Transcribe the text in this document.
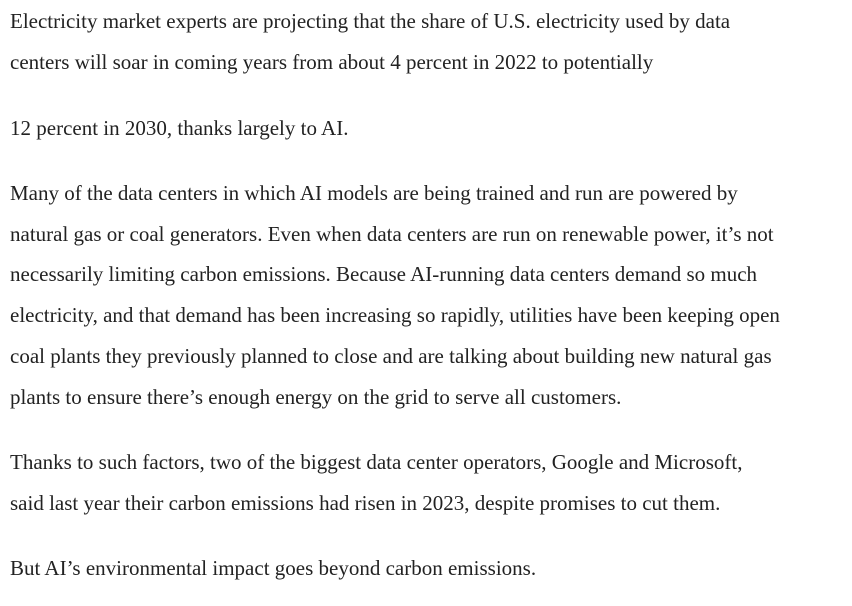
Electricity market experts are projecting that the share of U.S. electricity used by data
centers will soar in coming years from about 4 percent in 2022 to potentially

12 percent in 2030, thanks largely to AI.

Many of the data centers in which AI models are being trained and run are powered by
natural gas or coal generators. Even when data centers are run on renewable power, it’s not
necessarily limiting carbon emissions. Because AI-running data centers demand so much
electricity, and that demand has been increasing so rapidly, utilities have been keeping open
coal plants they previously planned to close and are talking about building new natural gas
plants to ensure there’s enough energy on the grid to serve all customers.

Thanks to such factors, two of the biggest data center operators, Google and Microsoft,
said last year their carbon emissions had risen in 2023, despite promises to cut them.

But AI’s environmental impact goes beyond carbon emissions.
